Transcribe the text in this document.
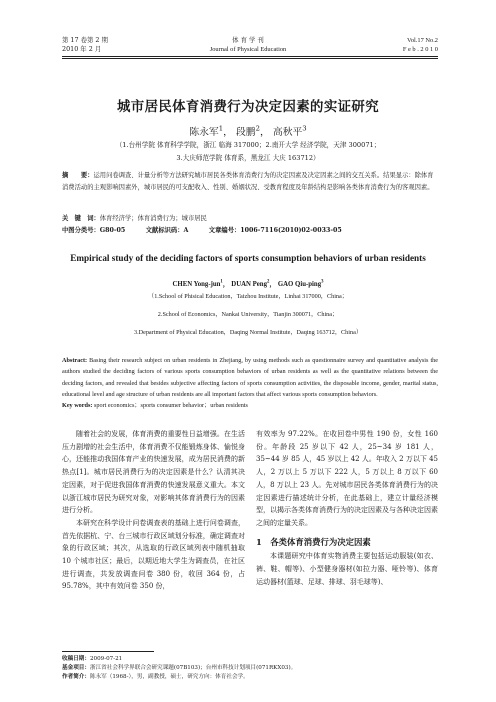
第 17 卷第 2 期
2010 年 2 月
体 育 学 刊
Journal of Physical Education
Vol.17 No.2
F e b . 2 0 1 0
城市居民体育消费行为决定因素的实证研究
陈永军$^1$， 段鹏$^2$， 高秋平$^3$
（1.台州学院 体育科学学院，浙江 临海 317000；2.南开大学 经济学院，天津 300071；
3.大庆师范学院 体育系，黑龙江 大庆 163712）
摘　　要：运用问卷调查、计量分析等方法研究城市居民各类体育消费行为的决定因素及决定因素之间的交互关系。结果显示：除体育消费活动的主观影响因素外，城市居民的可支配收入、性别、婚姻状况、受教育程度及年龄结构是影响各类体育消费行为的客观因素。
关　键　词：体育经济学；体育消费行为；城市居民
中图分类号：G80-05	文献标识码：A	文章编号：1006-7116(2010)02-0033-05
Empirical study of the deciding factors of sports consumption behaviors of urban residents
CHEN Yong-jun$^1$， DUAN Peng$^2$， GAO Qiu-ping$^3$
（1.School of Phisical Education，Taizhou Institute，Linhai 317000，China；
2.School of Economics，Nankai University，Tianjin 300071，China；
3.Department of Physical Education，Daqing Normal Institute，Daqing 163712，China）
Abstract: Basing their research subject on urban residents in Zhejiang, by using methods such as questionnaire survey and quantitative analysis the authors studied the deciding factors of various sports consumption behaviors of urban residents as well as the quantitative relations between the deciding factors, and revealed that besides subjective affecting factors of sports consumption activities, the disposable income, gender, marital status, educational level and age structure of urban residents are all important factors that affect various sports consumption behaviors.
Key words: sport economics；sports consumer behavior；urban residents

随着社会的发展，体育消费的重要性日益增强。在生活压力剧增的社会生活中，体育消费不仅能锻炼身体、愉悦身心，还能推动我国体育产业的快速发展，成为居民消费的新热点[1]。城市居民消费行为的决定因素是什么？认清其决定因素，对于促进我国体育消费的快速发展意义重大。本文以浙江城市居民为研究对象，对影响其体育消费行为的因素进行分析。

本研究在科学设计问卷调查表的基础上进行问卷调查，首先依据杭、宁、台三城市行政区域划分标准，确定调查对象的行政区域；其次，从选取的行政区域列表中随机抽取 10 个城市社区；最后，以期近地大学生为调查员，在社区进行调查，共发放调查问卷 380 份，收回 364 份，占 95.78%，其中有效问卷 350 份，

有效率为 97.22%。在收回卷中男性 190 份，女性 160 份。年龄段 25 岁以下 42 人，25~34 岁 181 人，35~44 岁 85 人，45 岁以上 42 人。年收入 2 万以下 45 人，2 万以上 5 万以下 222 人，5 万以上 8 万以下 60 人，8 万以上 23 人。先对城市居民各类体育消费行为的决定因素进行描述统计分析，在此基础上，建立计量经济模型，以揭示各类体育消费行为的决定因素及与各种决定因素之间的定量关系。

1　各类体育消费行为决定因素

本课题研究中体育实物消费主要包括运动服装(如衣、裤、鞋、帽等)、小型健身器材(如拉力器、哑铃等)、体育运动器材(篮球、足球、排球、羽毛球等)、

收稿日期：2009-07-21
基金项目：浙江省社会科学界联合会研究课题(07B103)；台州市科技计划项目(071RKX03)。
作者简介：陈永军（1968-），男，副教授，硕士，研究方向：体育社会学。
